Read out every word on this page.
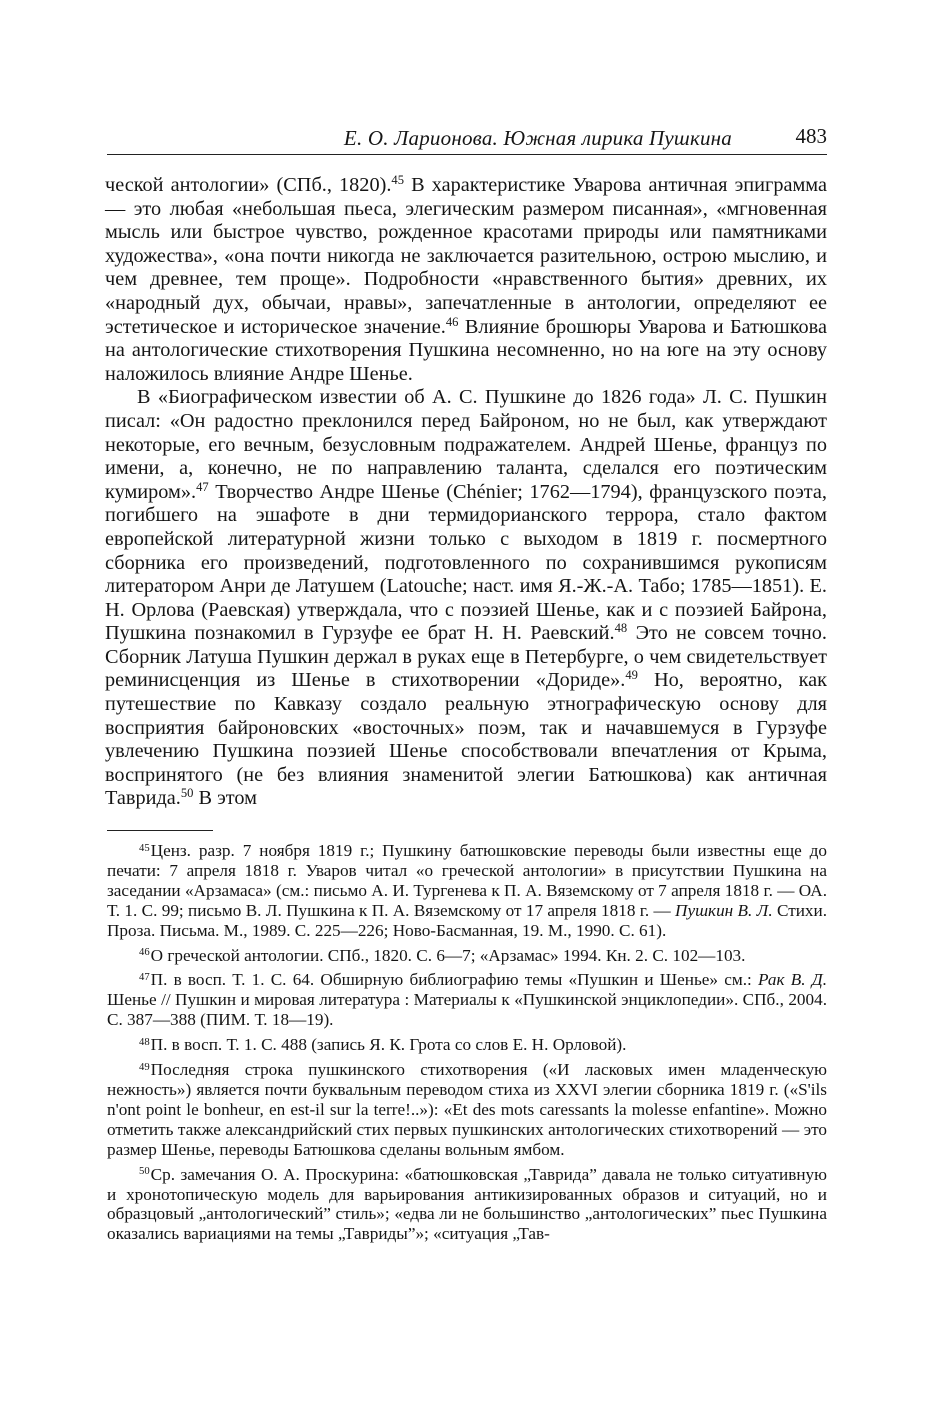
Е. О. Ларионова. Южная лирика Пушкина	483

ческой антологии» (СПб., 1820).$^{45}$ В характеристике Уварова античная эпиграмма — это любая «небольшая пьеса, элегическим размером писанная», «мгновенная мысль или быстрое чувство, рожденное красотами природы или памятниками художества», «она почти никогда не заключается разительною, острою мыслию, и чем древнее, тем проще». Подробности «нравственного бытия» древних, их «народный дух, обычаи, нравы», запечатленные в антологии, определяют ее эстетическое и историческое значение.$^{46}$ Влияние брошюры Уварова и Батюшкова на антологические стихотворения Пушкина несомненно, но на юге на эту основу наложилось влияние Андре Шенье.

В «Биографическом известии об А. С. Пушкине до 1826 года» Л. С. Пушкин писал: «Он радостно преклонился перед Байроном, но не был, как утверждают некоторые, его вечным, безусловным подражателем. Андрей Шенье, француз по имени, а, конечно, не по направлению таланта, сделался его поэтическим кумиром».$^{47}$ Творчество Андре Шенье (Chénier; 1762—1794), французского поэта, погибшего на эшафоте в дни термидорианского террора, стало фактом европейской литературной жизни только с выходом в 1819 г. посмертного сборника его произведений, подготовленного по сохранившимся рукописям литератором Анри де Латушем (Latouche; наст. имя Я.-Ж.-А. Табо; 1785—1851). Е. Н. Орлова (Раевская) утверждала, что с поэзией Шенье, как и с поэзией Байрона, Пушкина познакомил в Гурзуфе ее брат Н. Н. Раевский.$^{48}$ Это не совсем точно. Сборник Латуша Пушкин держал в руках еще в Петербурге, о чем свидетельствует реминисценция из Шенье в стихотворении «Дориде».$^{49}$ Но, вероятно, как путешествие по Кавказу создало реальную этнографическую основу для восприятия байроновских «восточных» поэм, так и начавшемуся в Гурзуфе увлечению Пушкина поэзией Шенье способствовали впечатления от Крыма, воспринятого (не без влияния знаменитой элегии Батюшкова) как античная Таврида.$^{50}$ В этом

$^{45}$Ценз. разр. 7 ноября 1819 г.; Пушкину батюшковские переводы были известны еще до печати: 7 апреля 1818 г. Уваров читал «о греческой антологии» в присутствии Пушкина на заседании «Арзамаса» (см.: письмо А. И. Тургенева к П. А. Вяземскому от 7 апреля 1818 г. — ОА. Т. 1. С. 99; письмо В. Л. Пушкина к П. А. Вяземскому от 17 апреля 1818 г. — Пушкин В. Л. Стихи. Проза. Письма. М., 1989. С. 225—226; Ново-Басманная, 19. М., 1990. С. 61).

$^{46}$О греческой антологии. СПб., 1820. С. 6—7; «Арзамас» 1994. Кн. 2. С. 102—103.

$^{47}$П. в восп. Т. 1. С. 64. Обширную библиографию темы «Пушкин и Шенье» см.: Рак В. Д. Шенье // Пушкин и мировая литература : Материалы к «Пушкинской энциклопедии». СПб., 2004. С. 387—388 (ПИМ. Т. 18—19).

$^{48}$П. в восп. Т. 1. С. 488 (запись Я. К. Грота со слов Е. Н. Орловой).

$^{49}$Последняя строка пушкинского стихотворения («И ласковых имен младенческую нежность») является почти буквальным переводом стиха из XXVI элегии сборника 1819 г. («S'ils n'ont point le bonheur, en est-il sur la terre!..»): «Et des mots caressants la molesse enfantine». Можно отметить также александрийский стих первых пушкинских антологических стихотворений — это размер Шенье, переводы Батюшкова сделаны вольным ямбом.

$^{50}$Ср. замечания О. А. Проскурина: «батюшковская „Таврида” давала не только ситуативную и хронотопическую модель для варьирования антикизированных образов и ситуаций, но и образцовый „антологический” стиль»; «едва ли не большинство „антологических” пьес Пушкина оказались вариациями на темы „Тавриды”»; «ситуация „Тав-
